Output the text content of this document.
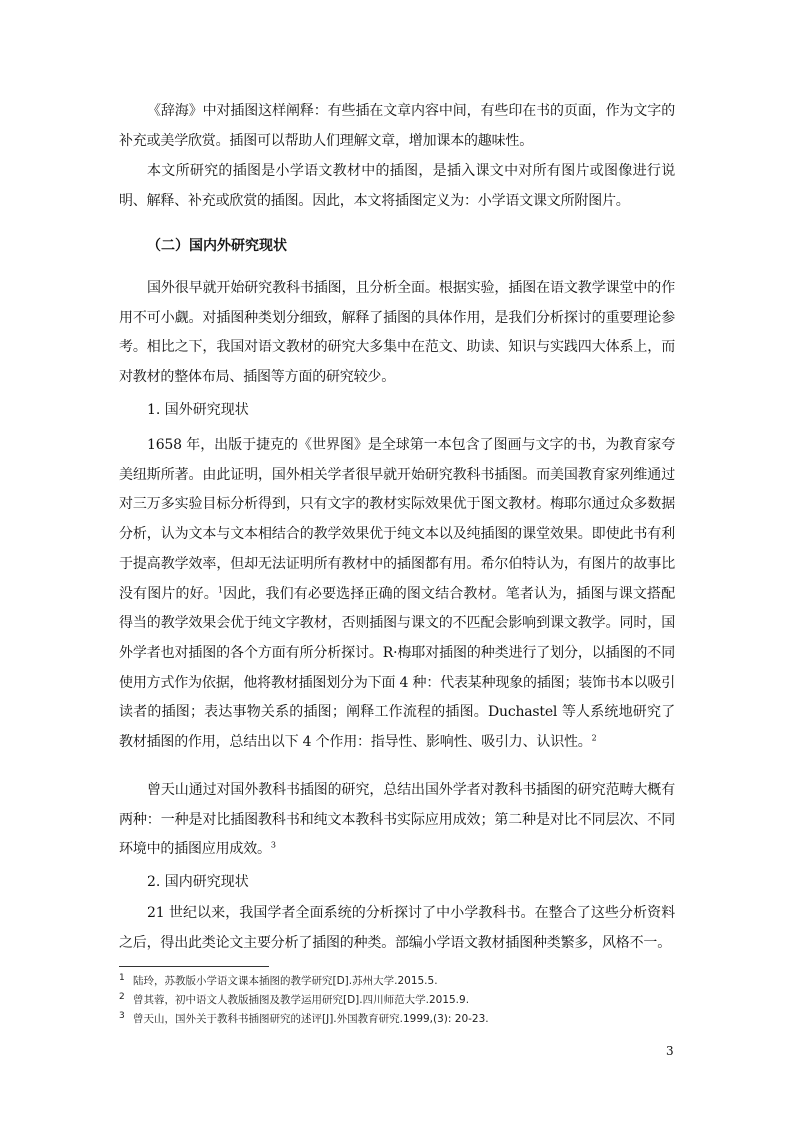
《辞海》中对插图这样阐释：有些插在文章内容中间，有些印在书的页面，作为文字的补充或美学欣赏。插图可以帮助人们理解文章，增加课本的趣味性。

本文所研究的插图是小学语文教材中的插图，是插入课文中对所有图片或图像进行说明、解释、补充或欣赏的插图。因此，本文将插图定义为：小学语文课文所附图片。

（二）国内外研究现状

国外很早就开始研究教科书插图，且分析全面。根据实验，插图在语文教学课堂中的作用不可小觑。对插图种类划分细致，解释了插图的具体作用，是我们分析探讨的重要理论参考。相比之下，我国对语文教材的研究大多集中在范文、助读、知识与实践四大体系上，而对教材的整体布局、插图等方面的研究较少。

1. 国外研究现状

1658 年，出版于捷克的《世界图》是全球第一本包含了图画与文字的书，为教育家夸美纽斯所著。由此证明，国外相关学者很早就开始研究教科书插图。而美国教育家列维通过对三万多实验目标分析得到，只有文字的教材实际效果优于图文教材。梅耶尔通过众多数据分析，认为文本与文本相结合的教学效果优于纯文本以及纯插图的课堂效果。即使此书有利于提高教学效率，但却无法证明所有教材中的插图都有用。希尔伯特认为，有图片的故事比没有图片的好。$^1$因此，我们有必要选择正确的图文结合教材。笔者认为，插图与课文搭配得当的教学效果会优于纯文字教材，否则插图与课文的不匹配会影响到课文教学。同时，国外学者也对插图的各个方面有所分析探讨。R·梅耶对插图的种类进行了划分，以插图的不同使用方式作为依据，他将教材插图划分为下面 4 种：代表某种现象的插图；装饰书本以吸引读者的插图；表达事物关系的插图；阐释工作流程的插图。Duchastel 等人系统地研究了教材插图的作用，总结出以下 4 个作用：指导性、影响性、吸引力、认识性。$^2$

曾天山通过对国外教科书插图的研究，总结出国外学者对教科书插图的研究范畴大概有两种：一种是对比插图教科书和纯文本教科书实际应用成效；第二种是对比不同层次、不同环境中的插图应用成效。$^3$

2. 国内研究现状

21 世纪以来，我国学者全面系统的分析探讨了中小学教科书。在整合了这些分析资料之后，得出此类论文主要分析了插图的种类。部编小学语文教材插图种类繁多，风格不一。

1 陆玲，苏教版小学语文课本插图的教学研究[D].苏州大学.2015.5.

2 曾其蓉，初中语文人教版插图及教学运用研究[D].四川师范大学.2015.9.

3 曾天山，国外关于教科书插图研究的述评[J].外国教育研究.1999,(3): 20-23.

3
